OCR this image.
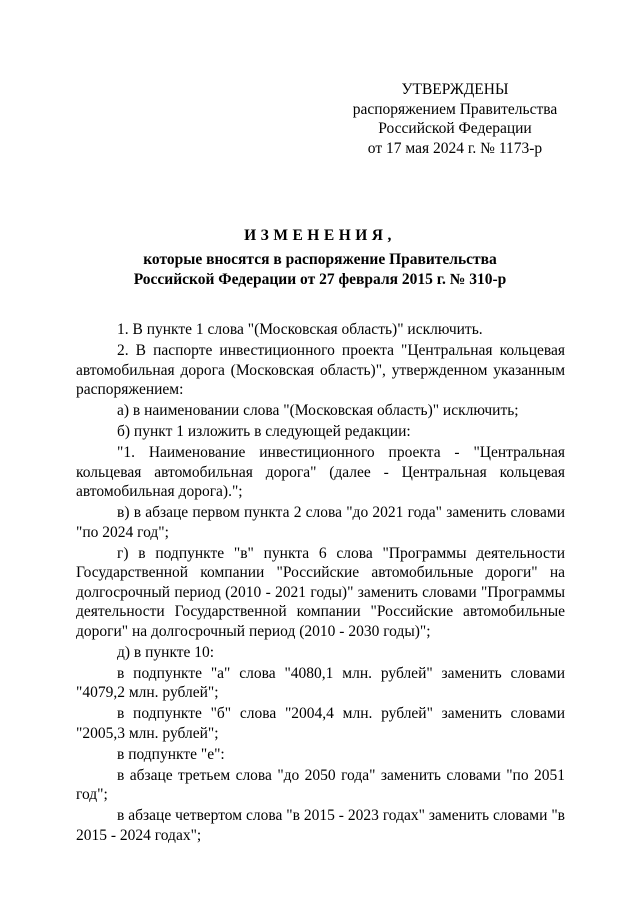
УТВЕРЖДЕНЫ
распоряжением Правительства
Российской Федерации
от 17 мая 2024 г. № 1173-р
ИЗМЕНЕНИЯ,
которые вносятся в распоряжение Правительства
Российской Федерации от 27 февраля 2015 г. № 310-р

1. В пункте 1 слова "(Московская область)" исключить.

2. В паспорте инвестиционного проекта "Центральная кольцевая автомобильная дорога (Московская область)", утвержденном указанным распоряжением:

а) в наименовании слова "(Московская область)" исключить;

б) пункт 1 изложить в следующей редакции:

"1. Наименование инвестиционного проекта - "Центральная кольцевая автомобильная дорога" (далее - Центральная кольцевая автомобильная дорога).";

в) в абзаце первом пункта 2 слова "до 2021 года" заменить словами "по 2024 год";

г) в подпункте "в" пункта 6 слова "Программы деятельности Государственной компании "Российские автомобильные дороги" на долгосрочный период (2010 - 2021 годы)" заменить словами "Программы деятельности Государственной компании "Российские автомобильные дороги" на долгосрочный период (2010 - 2030 годы)";

д) в пункте 10:

в подпункте "а" слова "4080,1 млн. рублей" заменить словами "4079,2 млн. рублей";

в подпункте "б" слова "2004,4 млн. рублей" заменить словами "2005,3 млн. рублей";

в подпункте "е":

в абзаце третьем слова "до 2050 года" заменить словами "по 2051 год";

в абзаце четвертом слова "в 2015 - 2023 годах" заменить словами "в 2015 - 2024 годах";
